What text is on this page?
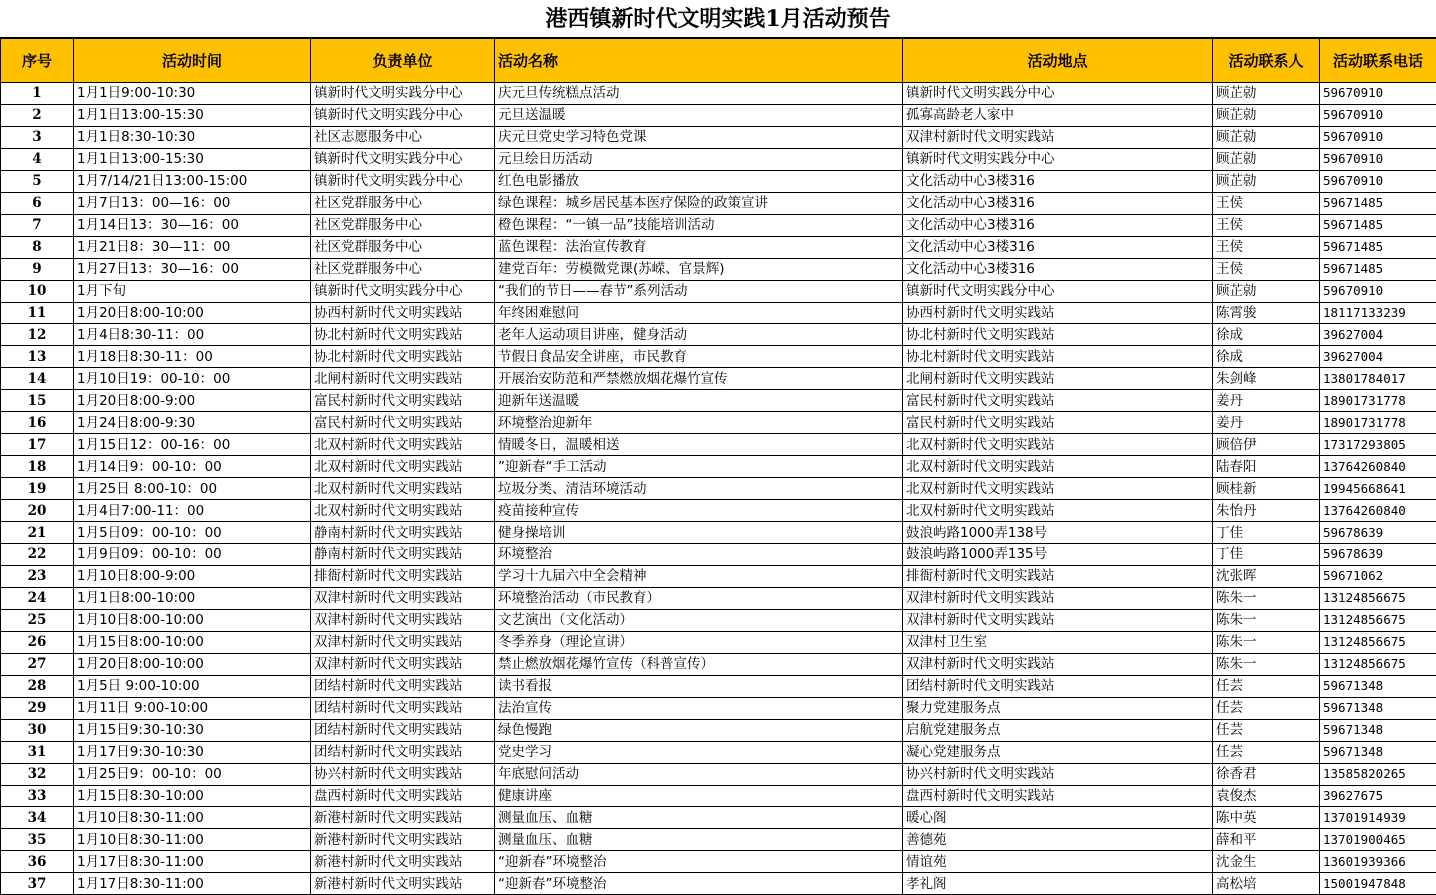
港西镇新时代文明实践1月活动预告
序号	活动时间	负责单位	活动名称	活动地点	活动联系人	活动联系电话
1	1月1日9:00-10:30	镇新时代文明实践分中心	庆元旦传统糕点活动	镇新时代文明实践分中心	顾芷勍	59670910
2	1月1日13:00-15:30	镇新时代文明实践分中心	元旦送温暖	孤寡高龄老人家中	顾芷勍	59670910
3	1月1日8:30-10:30	社区志愿服务中心	庆元旦党史学习特色党课	双津村新时代文明实践站	顾芷勍	59670910
4	1月1日13:00-15:30	镇新时代文明实践分中心	元旦绘日历活动	镇新时代文明实践分中心	顾芷勍	59670910
5	1月7/14/21日13:00-15:00	镇新时代文明实践分中心	红色电影播放	文化活动中心3楼316	顾芷勍	59670910
6	1月7日13：00—16：00	社区党群服务中心	绿色课程：城乡居民基本医疗保险的政策宣讲	文化活动中心3楼316	王侯	59671485
7	1月14日13：30—16：00	社区党群服务中心	橙色课程：“一镇一品”技能培训活动	文化活动中心3楼316	王侯	59671485
8	1月21日8：30—11：00	社区党群服务中心	蓝色课程：法治宣传教育	文化活动中心3楼316	王侯	59671485
9	1月27日13：30—16：00	社区党群服务中心	建党百年：劳模微党课(苏嵘、官景辉)	文化活动中心3楼316	王侯	59671485
10	1月下旬	镇新时代文明实践分中心	“我们的节日——春节”系列活动	镇新时代文明实践分中心	顾芷勍	59670910
11	1月20日8:00-10:00	协西村新时代文明实践站	年终困难慰问	协西村新时代文明实践站	陈霄骏	18117133239
12	1月4日8:30-11：00	协北村新时代文明实践站	老年人运动项目讲座，健身活动	协北村新时代文明实践站	徐成	39627004
13	1月18日8:30-11：00	协北村新时代文明实践站	节假日食品安全讲座，市民教育	协北村新时代文明实践站	徐成	39627004
14	1月10日19：00-10：00	北闸村新时代文明实践站	开展治安防范和严禁燃放烟花爆竹宣传	北闸村新时代文明实践站	朱剑峰	13801784017
15	1月20日8:00-9:00	富民村新时代文明实践站	迎新年送温暖	富民村新时代文明实践站	姜丹	18901731778
16	1月24日8:00-9:30	富民村新时代文明实践站	环境整治迎新年	富民村新时代文明实践站	姜丹	18901731778
17	1月15日12：00-16：00	北双村新时代文明实践站	情暖冬日，温暖相送	北双村新时代文明实践站	顾倍伊	17317293805
18	1月14日9：00-10：00	北双村新时代文明实践站	”迎新春“手工活动	北双村新时代文明实践站	陆春阳	13764260840
19	1月25日 8:00-10：00	北双村新时代文明实践站	垃圾分类、清洁环境活动	北双村新时代文明实践站	顾桂新	19945668641
20	1月4日7:00-11：00	北双村新时代文明实践站	疫苗接种宣传	北双村新时代文明实践站	朱怡丹	13764260840
21	1月5日09：00-10：00	静南村新时代文明实践站	健身操培训	鼓浪屿路1000弄138号	丁佳	59678639
22	1月9日09：00-10：00	静南村新时代文明实践站	环境整治	鼓浪屿路1000弄135号	丁佳	59678639
23	1月10日8:00-9:00	排衙村新时代文明实践站	学习十九届六中全会精神	排衙村新时代文明实践站	沈张晖	59671062
24	1月1日8:00-10:00	双津村新时代文明实践站	环境整治活动（市民教育）	双津村新时代文明实践站	陈朱一	13124856675
25	1月10日8:00-10:00	双津村新时代文明实践站	文艺演出（文化活动）	双津村新时代文明实践站	陈朱一	13124856675
26	1月15日8:00-10:00	双津村新时代文明实践站	冬季养身（理论宣讲）	双津村卫生室	陈朱一	13124856675
27	1月20日8:00-10:00	双津村新时代文明实践站	禁止燃放烟花爆竹宣传（科普宣传）	双津村新时代文明实践站	陈朱一	13124856675
28	1月5日 9:00-10:00	团结村新时代文明实践站	读书看报	团结村新时代文明实践站	任芸	59671348
29	1月11日 9:00-10:00	团结村新时代文明实践站	法治宣传	聚力党建服务点	任芸	59671348
30	1月15日9:30-10:30	团结村新时代文明实践站	绿色慢跑	启航党建服务点	任芸	59671348
31	1月17日9:30-10:30	团结村新时代文明实践站	党史学习	凝心党建服务点	任芸	59671348
32	1月25日9：00-10：00	协兴村新时代文明实践站	年底慰问活动	协兴村新时代文明实践站	徐香君	13585820265
33	1月15日8:30-10:00	盘西村新时代文明实践站	健康讲座	盘西村新时代文明实践站	袁俊杰	39627675
34	1月10日8:30-11:00	新港村新时代文明实践站	测量血压、血糖	暖心阁	陈中英	13701914939
35	1月10日8:30-11:00	新港村新时代文明实践站	测量血压、血糖	善德苑	薛和平	13701900465
36	1月17日8:30-11:00	新港村新时代文明实践站	“迎新春”环境整治	情谊苑	沈金生	13601939366
37	1月17日8:30-11:00	新港村新时代文明实践站	“迎新春”环境整治	孝礼阁	高松培	15001947848
